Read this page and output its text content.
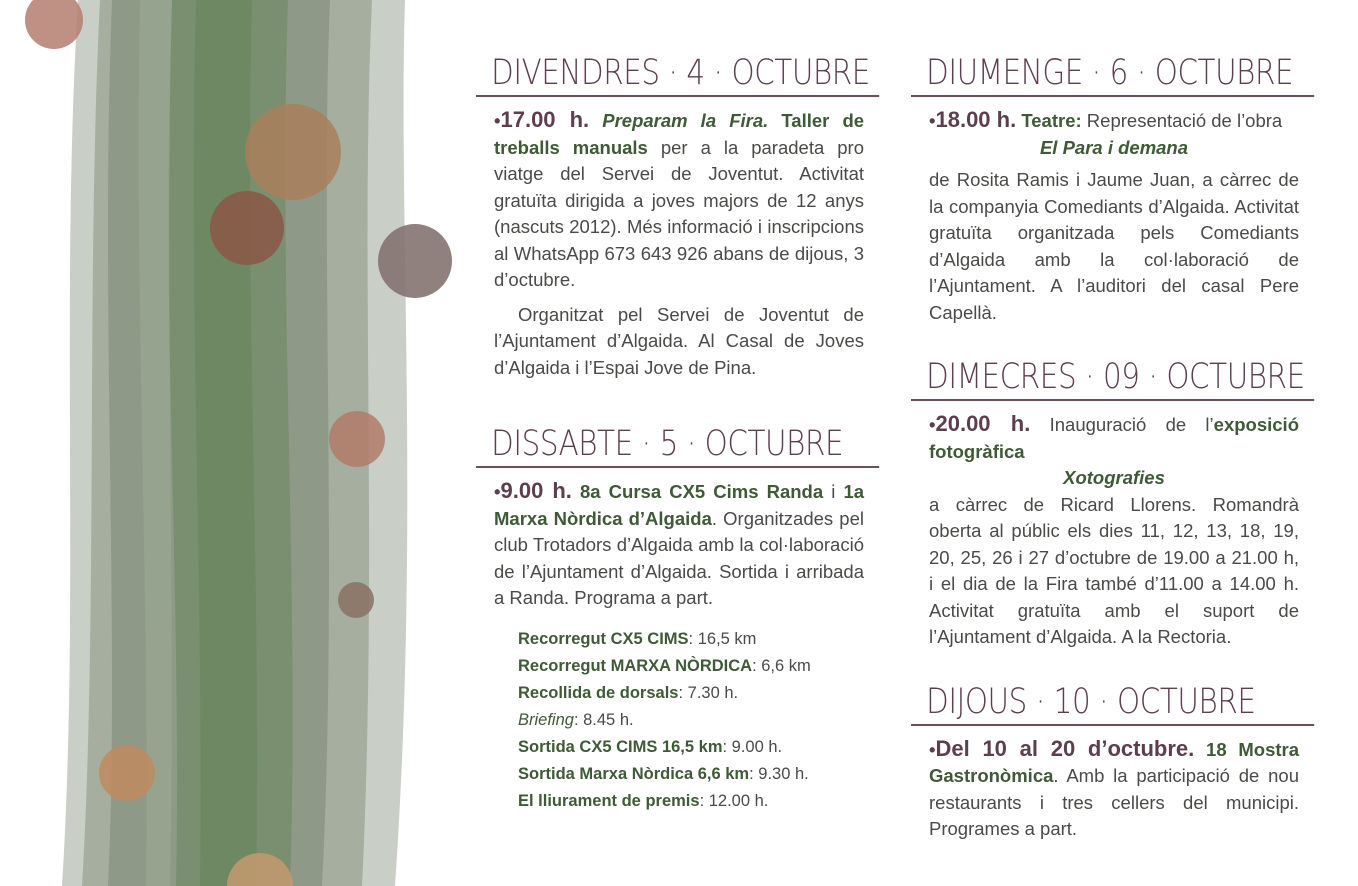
DIVENDRES · 4 · OCTUBRE

•17.00 h. Preparam la Fira. Taller de treballs manuals per a la paradeta pro viatge del Servei de Joventut. Activitat gratuïta dirigida a joves majors de 12 anys (nascuts 2012). Més informació i inscripcions al WhatsApp 673 643 926 abans de dijous, 3 d’octubre.

Organitzat pel Servei de Joventut de l’Ajuntament d’Algaida. Al Casal de Joves d’Algaida i l’Espai Jove de Pina.

DISSABTE · 5 · OCTUBRE

•9.00 h. 8a Cursa CX5 Cims Randa i 1a Marxa Nòrdica d’Algaida. Organitzades pel club Trotadors d’Algaida amb la col·laboració de l’Ajuntament d’Algaida. Sortida i arribada a Randa. Programa a part.

Recorregut CX5 CIMS: 16,5 km
Recorregut MARXA NÒRDICA: 6,6 km
Recollida de dorsals: 7.30 h.
Briefing: 8.45 h.
Sortida CX5 CIMS 16,5 km: 9.00 h.
Sortida Marxa Nòrdica 6,6 km: 9.30 h.
El lliurament de premis: 12.00 h.
DIUMENGE · 6 · OCTUBRE

•18.00 h. Teatre: Representació de l’obra

El Para i demana

de Rosita Ramis i Jaume Juan, a càrrec de la companyia Comediants d’Algaida. Activitat gratuïta organitzada pels Comediants d’Algaida amb la col·laboració de l’Ajuntament. A l’auditori del casal Pere Capellà.

DIMECRES · 09 · OCTUBRE

•20.00 h. Inauguració de l’exposició fotogràfica

Xotografies

a càrrec de Ricard Llorens. Romandrà oberta al públic els dies 11, 12, 13, 18, 19, 20, 25, 26 i 27 d’octubre de 19.00 a 21.00 h, i el dia de la Fira també d’11.00 a 14.00 h. Activitat gratuïta amb el suport de l’Ajuntament d’Algaida. A la Rectoria.

DIJOUS · 10 · OCTUBRE

•Del 10 al 20 d’octubre. 18 Mostra Gastronòmica. Amb la participació de nou restaurants i tres cellers del municipi. Programes a part.
